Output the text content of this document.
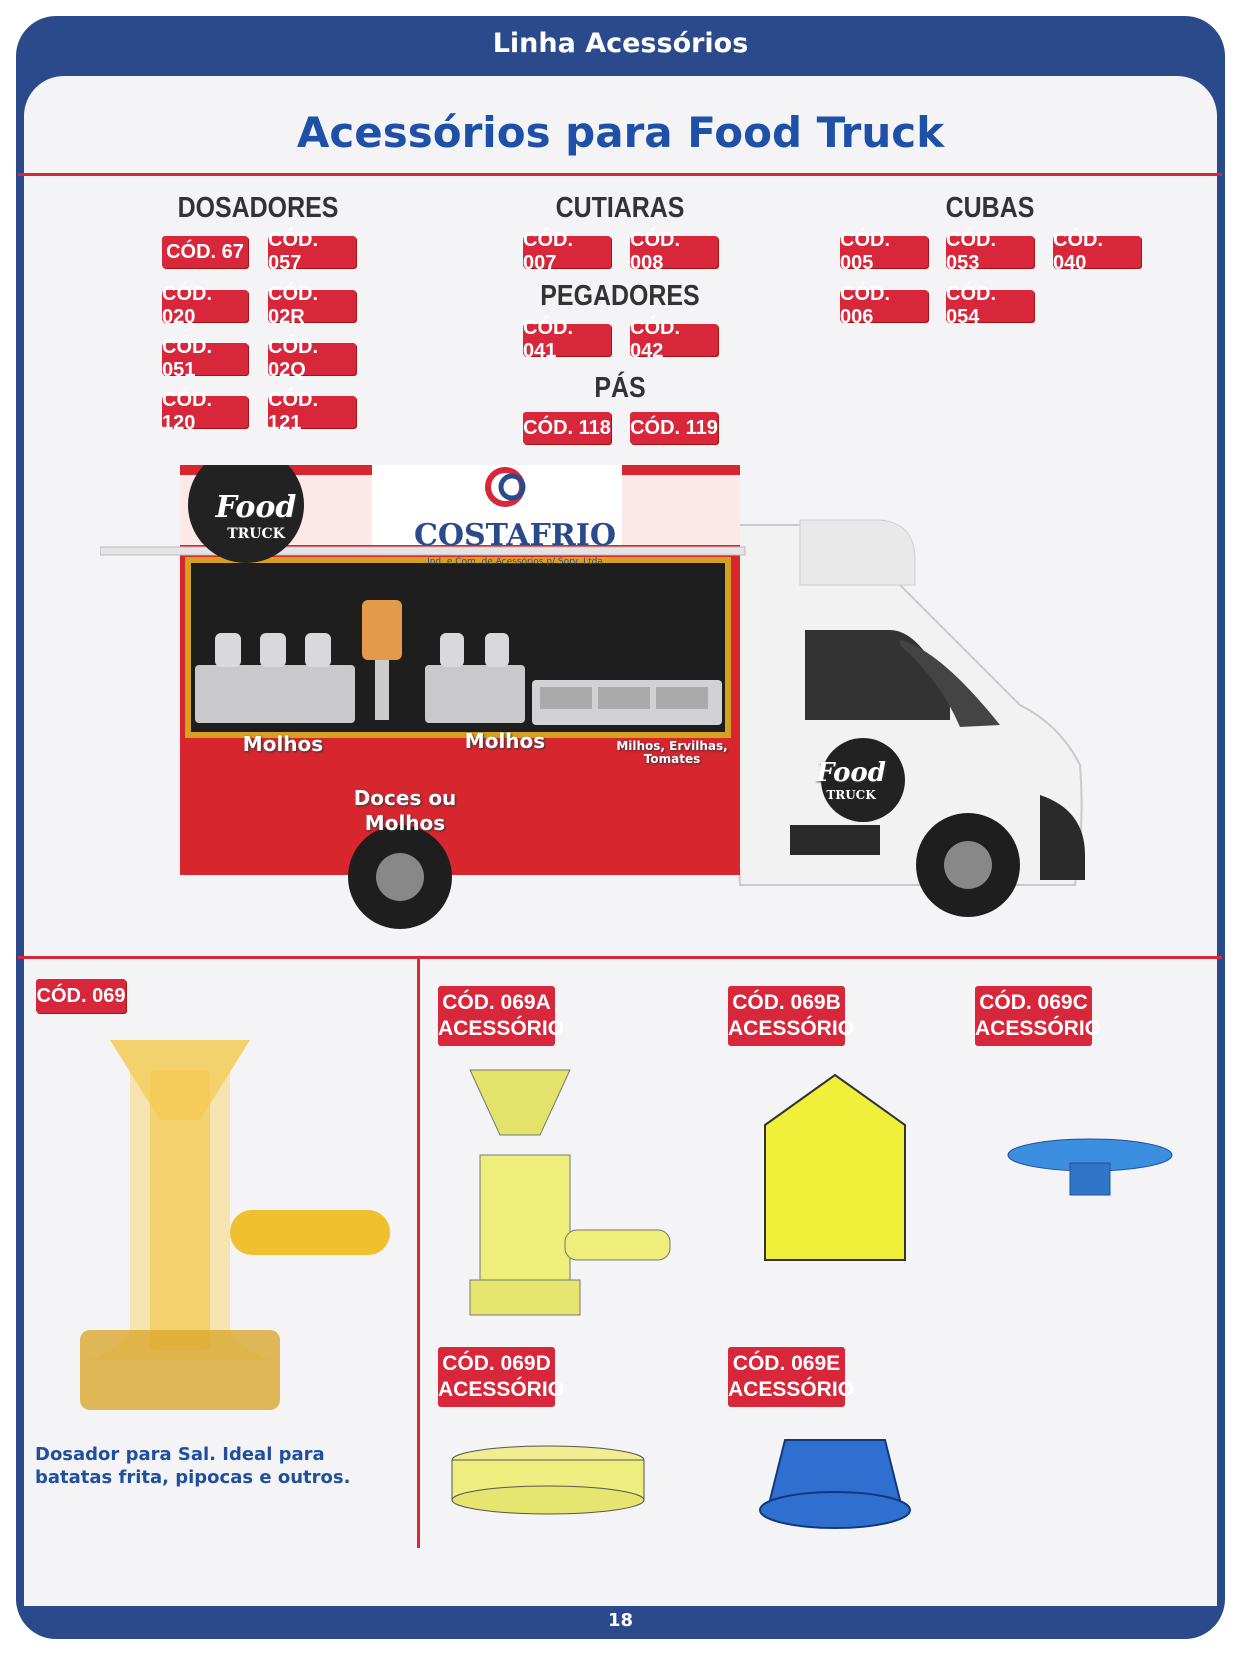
Linha Acessórios
Acessórios para Food Truck
DOSADORES
CÓD. 67
CÓD. 057
CÓD. 020
CÓD. 02R
CÓD. 051
CÓD. 02Q
CÓD. 120
CÓD. 121
CUTIARAS
CÓD. 007
CÓD. 008
PEGADORES
CÓD. 041
CÓD. 042
PÁS
CÓD. 118 CÓD. 119
CUBAS
CÓD. 005
CÓD. 053
CÓD. 040
CÓD. 006
CÓD. 054
Food
TRUCK	COSTAFRIO
Ind. e Com. de Acessórios p/ Sorv. Ltda
Molhos	Molhos	Milhos, Ervilhas, Tomates
Doces ou Molhos
Food
TRUCK
CÓD. 069
Dosador para Sal. Ideal para batatas frita, pipocas e outros.
CÓD. 069A
ACESSÓRIO
CÓD. 069B
ACESSÓRIO
CÓD. 069C
ACESSÓRIO
CÓD. 069D
ACESSÓRIO
CÓD. 069E
ACESSÓRIO
18
